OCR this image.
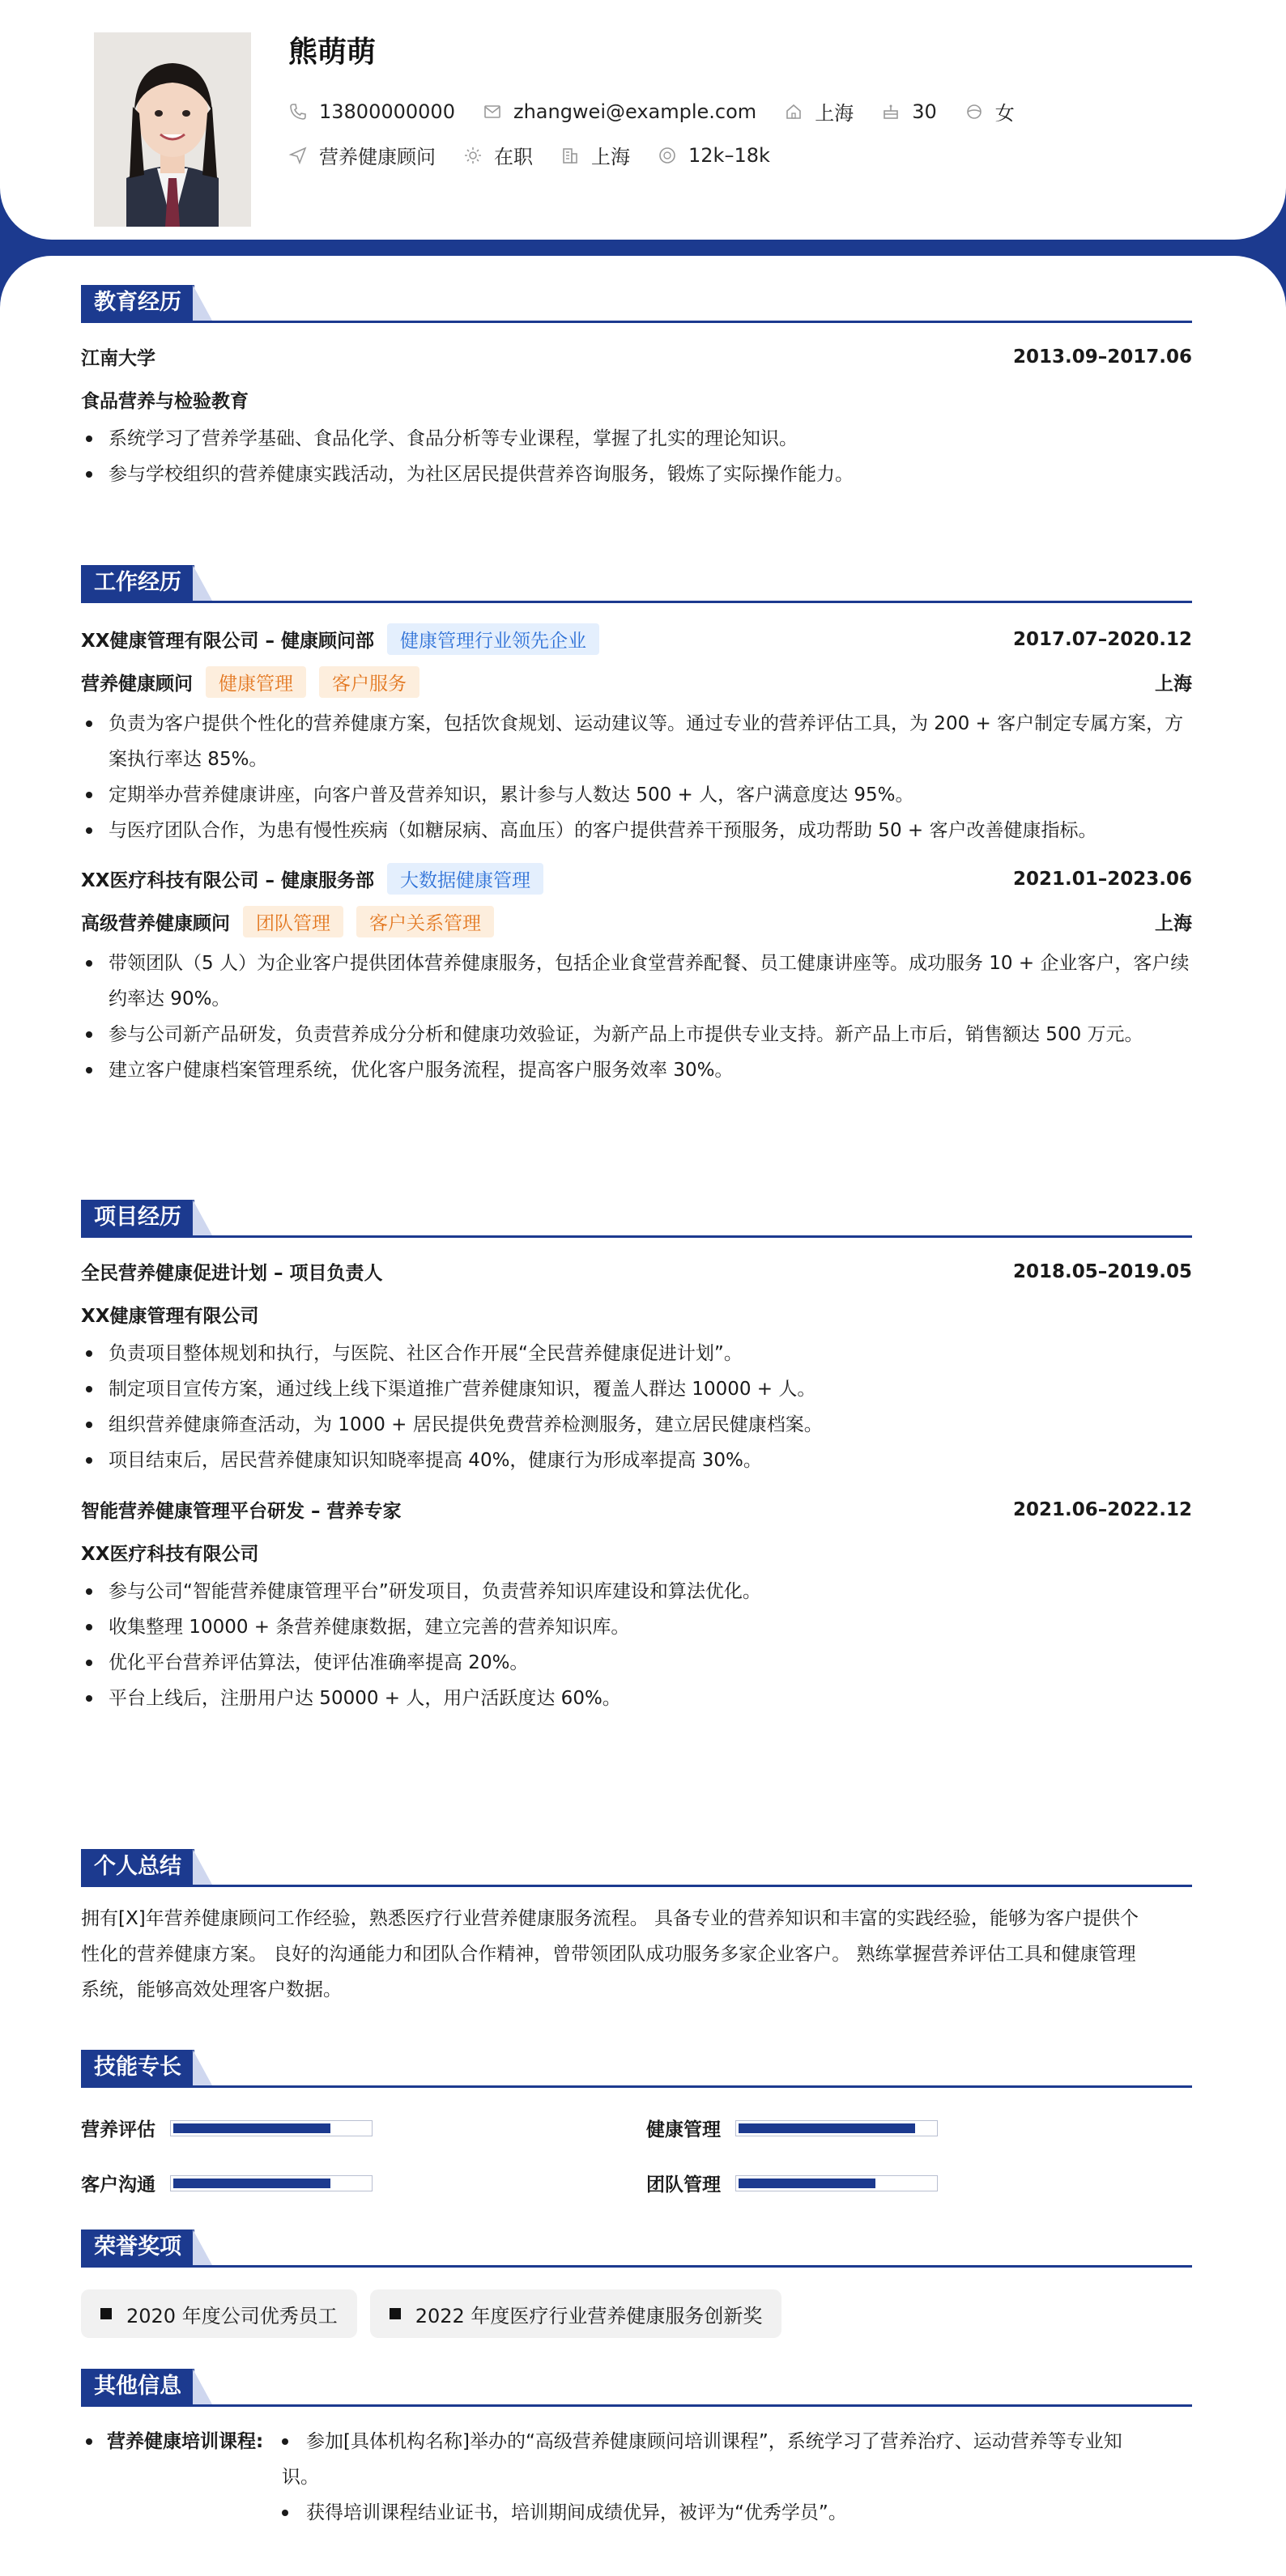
熊萌萌
13800000000	zhangwei@example.com	上海	30	女
营养健康顾问	在职	上海	12k–18k
教育经历
江南大学	2013.09–2017.06
食品营养与检验教育
系统学习了营养学基础、食品化学、食品分析等专业课程，掌握了扎实的理论知识。
参与学校组织的营养健康实践活动，为社区居民提供营养咨询服务，锻炼了实际操作能力。
工作经历
XX健康管理有限公司 – 健康顾问部 健康管理行业领先企业	2017.07–2020.12
营养健康顾问 健康管理 客户服务	上海
负责为客户提供个性化的营养健康方案，包括饮食规划、运动建议等。通过专业的营养评估工具，为 200 + 客户制定专属方案，方案执行率达 85%。
定期举办营养健康讲座，向客户普及营养知识，累计参与人数达 500 + 人，客户满意度达 95%。
与医疗团队合作，为患有慢性疾病（如糖尿病、高血压）的客户提供营养干预服务，成功帮助 50 + 客户改善健康指标。
XX医疗科技有限公司 – 健康服务部 大数据健康管理	2021.01–2023.06
高级营养健康顾问 团队管理 客户关系管理	上海
带领团队（5 人）为企业客户提供团体营养健康服务，包括企业食堂营养配餐、员工健康讲座等。成功服务 10 + 企业客户，客户续约率达 90%。
参与公司新产品研发，负责营养成分分析和健康功效验证，为新产品上市提供专业支持。新产品上市后，销售额达 500 万元。
建立客户健康档案管理系统，优化客户服务流程，提高客户服务效率 30%。
项目经历
全民营养健康促进计划 – 项目负责人	2018.05–2019.05
XX健康管理有限公司
负责项目整体规划和执行，与医院、社区合作开展“全民营养健康促进计划”。
制定项目宣传方案，通过线上线下渠道推广营养健康知识，覆盖人群达 10000 + 人。
组织营养健康筛查活动，为 1000 + 居民提供免费营养检测服务，建立居民健康档案。
项目结束后，居民营养健康知识知晓率提高 40%，健康行为形成率提高 30%。
智能营养健康管理平台研发 – 营养专家	2021.06–2022.12
XX医疗科技有限公司
参与公司“智能营养健康管理平台”研发项目，负责营养知识库建设和算法优化。
收集整理 10000 + 条营养健康数据，建立完善的营养知识库。
优化平台营养评估算法，使评估准确率提高 20%。
平台上线后，注册用户达 50000 + 人，用户活跃度达 60%。
个人总结
拥有[X]年营养健康顾问工作经验，熟悉医疗行业营养健康服务流程。 具备专业的营养知识和丰富的实践经验，能够为客户提供个
性化的营养健康方案。 良好的沟通能力和团队合作精神，曾带领团队成功服务多家企业客户。 熟练掌握营养评估工具和健康管理
系统，能够高效处理客户数据。
技能专长
营养评估	健康管理
客户沟通	团队管理
荣誉奖项
2020 年度公司优秀员工	2022 年度医疗行业营养健康服务创新奖
其他信息
营养健康培训课程: 参加[具体机构名称]举办的“高级营养健康顾问培训课程”，系统学习了营养治疗、运动营养等专业知
识。
获得培训课程结业证书，培训期间成绩优异，被评为“优秀学员”。
